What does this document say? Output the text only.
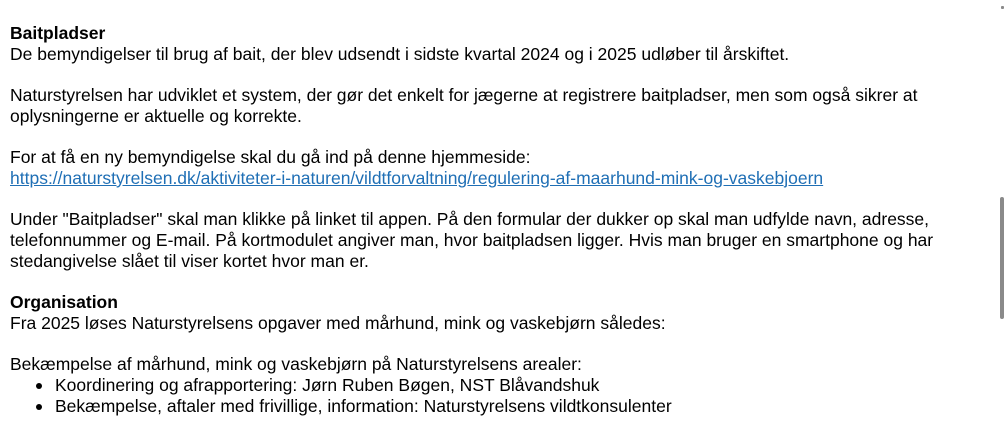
Baitpladser

De bemyndigelser til brug af bait, der blev udsendt i sidste kvartal 2024 og i 2025 udløber til årskiftet.

Naturstyrelsen har udviklet et system, der gør det enkelt for jægerne at registrere baitpladser, men som også sikrer at oplysningerne er aktuelle og korrekte.

For at få en ny bemyndigelse skal du gå ind på denne hjemmeside:

https://naturstyrelsen.dk/aktiviteter-i-naturen/vildtforvaltning/regulering-af-maarhund-mink-og-vaskebjoern

Under "Baitpladser" skal man klikke på linket til appen. På den formular der dukker op skal man udfylde navn, adresse, telefonnummer og E-mail. På kortmodulet angiver man, hvor baitpladsen ligger. Hvis man bruger en smartphone og har stedangivelse slået til viser kortet hvor man er.

Organisation

Fra 2025 løses Naturstyrelsens opgaver med mårhund, mink og vaskebjørn således:

Bekæmpelse af mårhund, mink og vaskebjørn på Naturstyrelsens arealer:

Koordinering og afrapportering: Jørn Ruben Bøgen, NST Blåvandshuk
Bekæmpelse, aftaler med frivillige, information: Naturstyrelsens vildtkonsulenter
